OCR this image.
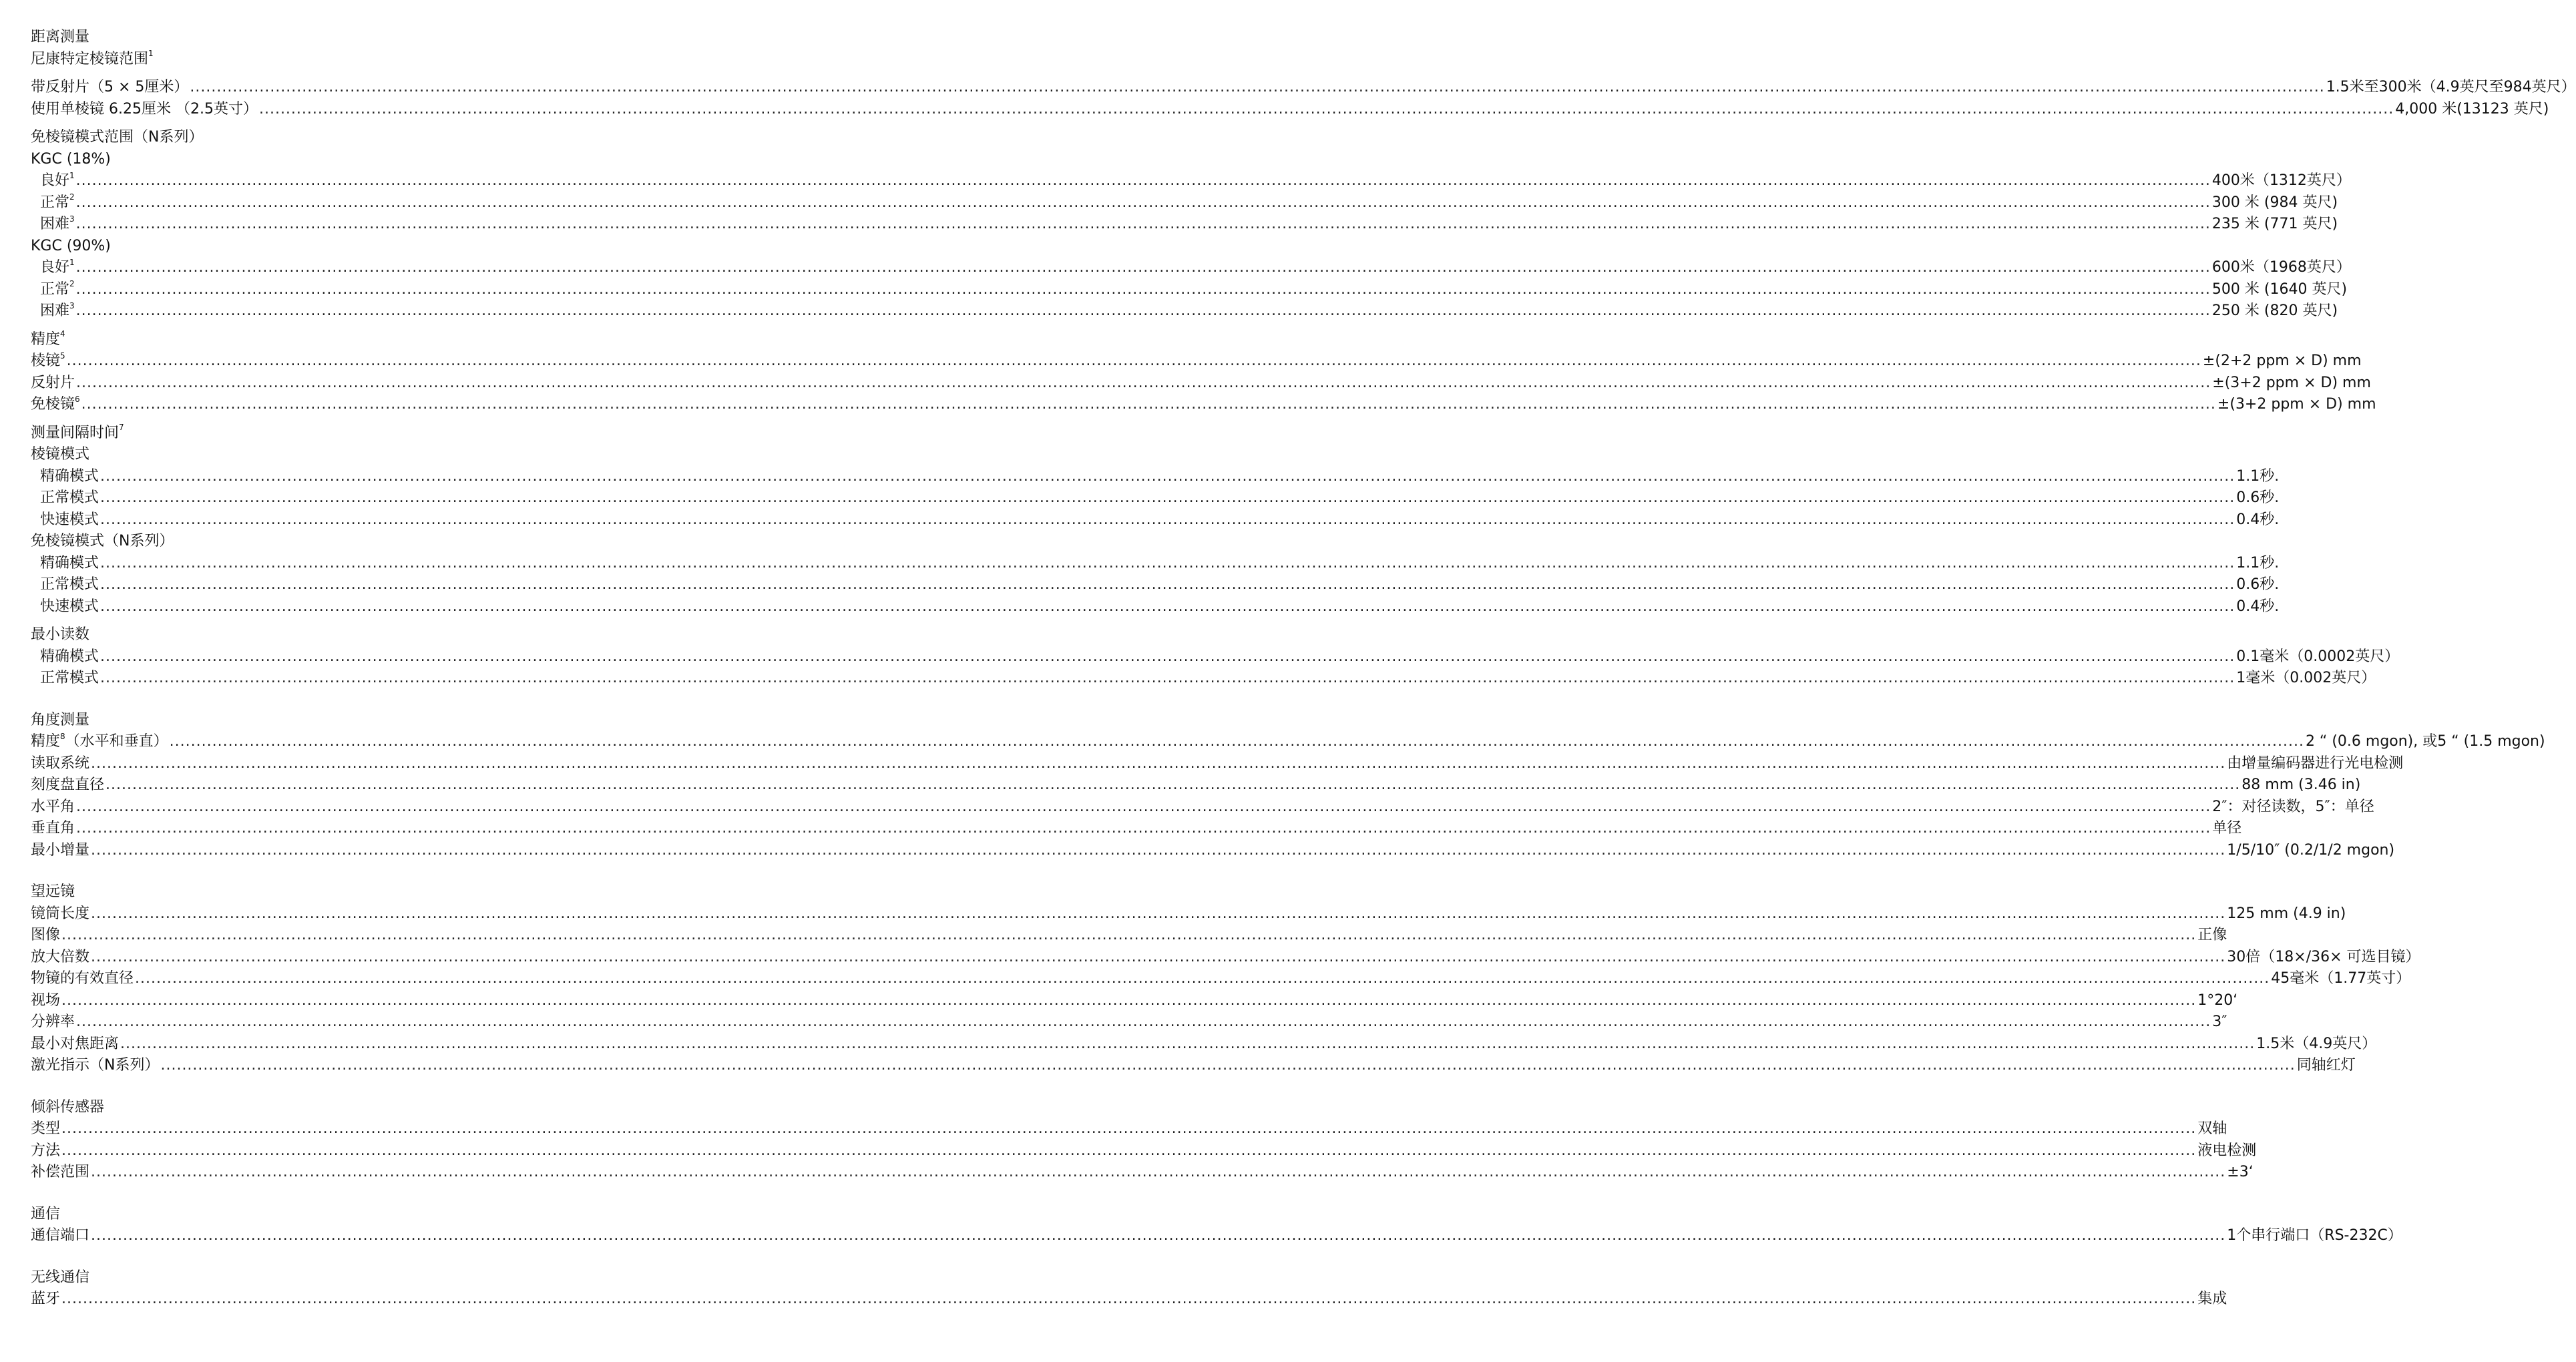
距离测量
尼康特定棱镜范围$^1$
带反射片（5 × 5厘米） ................................................................................................................................................................................................................................................................................................................................................................................................................ 1.5米至300米（4.9英尺至984英尺）
使用单棱镜 6.25厘米 （2.5英寸） ................................................................................................................................................................................................................................................................................................................................................................................................................ 4,000 米(13123 英尺)
免棱镜模式范围（N系列）
KGC (18%)
良好$^1$ ................................................................................................................................................................................................................................................................................................................................................................................................................ 400米（1312英尺）
正常$^2$ ................................................................................................................................................................................................................................................................................................................................................................................................................ 300 米 (984 英尺)
困难$^3$ ................................................................................................................................................................................................................................................................................................................................................................................................................ 235 米 (771 英尺)
KGC (90%)
良好$^1$ ................................................................................................................................................................................................................................................................................................................................................................................................................ 600米（1968英尺）
正常$^2$ ................................................................................................................................................................................................................................................................................................................................................................................................................ 500 米 (1640 英尺)
困难$^3$ ................................................................................................................................................................................................................................................................................................................................................................................................................ 250 米 (820 英尺)
精度$^4$
棱镜$^5$ ................................................................................................................................................................................................................................................................................................................................................................................................................ ±(2+2 ppm × D) mm
反射片 ................................................................................................................................................................................................................................................................................................................................................................................................................ ±(3+2 ppm × D) mm
免棱镜$^6$ ................................................................................................................................................................................................................................................................................................................................................................................................................ ±(3+2 ppm × D) mm
测量间隔时间$^7$
棱镜模式
精确模式 ................................................................................................................................................................................................................................................................................................................................................................................................................ 1.1秒.
正常模式 ................................................................................................................................................................................................................................................................................................................................................................................................................ 0.6秒.
快速模式 ................................................................................................................................................................................................................................................................................................................................................................................................................ 0.4秒.
免棱镜模式（N系列）
精确模式 ................................................................................................................................................................................................................................................................................................................................................................................................................ 1.1秒.
正常模式 ................................................................................................................................................................................................................................................................................................................................................................................................................ 0.6秒.
快速模式 ................................................................................................................................................................................................................................................................................................................................................................................................................ 0.4秒.
最小读数
精确模式 ................................................................................................................................................................................................................................................................................................................................................................................................................ 0.1毫米（0.0002英尺）
正常模式 ................................................................................................................................................................................................................................................................................................................................................................................................................ 1毫米（0.002英尺）
角度测量
精度$^8$（水平和垂直） ................................................................................................................................................................................................................................................................................................................................................................................................................ 2 “ (0.6 mgon), 或5 “ (1.5 mgon)
读取系统 ................................................................................................................................................................................................................................................................................................................................................................................................................ 由增量编码器进行光电检测
刻度盘直径 ................................................................................................................................................................................................................................................................................................................................................................................................................ 88 mm (3.46 in)
水平角 ................................................................................................................................................................................................................................................................................................................................................................................................................ 2″：对径读数，5″：单径
垂直角 ................................................................................................................................................................................................................................................................................................................................................................................................................ 单径
最小增量 ................................................................................................................................................................................................................................................................................................................................................................................................................ 1/5/10″ (0.2/1/2 mgon)
望远镜
镜筒长度 ................................................................................................................................................................................................................................................................................................................................................................................................................ 125 mm (4.9 in)
图像 ................................................................................................................................................................................................................................................................................................................................................................................................................ 正像
放大倍数 ................................................................................................................................................................................................................................................................................................................................................................................................................ 30倍（18×/36× 可选目镜）
物镜的有效直径 ................................................................................................................................................................................................................................................................................................................................................................................................................ 45毫米（1.77英寸）
视场 ................................................................................................................................................................................................................................................................................................................................................................................................................ 1°20‘
分辨率 ................................................................................................................................................................................................................................................................................................................................................................................................................ 3″
最小对焦距离 ................................................................................................................................................................................................................................................................................................................................................................................................................ 1.5米（4.9英尺）
激光指示（N系列） ................................................................................................................................................................................................................................................................................................................................................................................................................ 同轴红灯
倾斜传感器
类型 ................................................................................................................................................................................................................................................................................................................................................................................................................ 双轴
方法 ................................................................................................................................................................................................................................................................................................................................................................................................................ 液电检测
补偿范围 ................................................................................................................................................................................................................................................................................................................................................................................................................ ±3‘
通信
通信端口 ................................................................................................................................................................................................................................................................................................................................................................................................................ 1个串行端口（RS-232C）
无线通信
蓝牙 ................................................................................................................................................................................................................................................................................................................................................................................................................ 集成
